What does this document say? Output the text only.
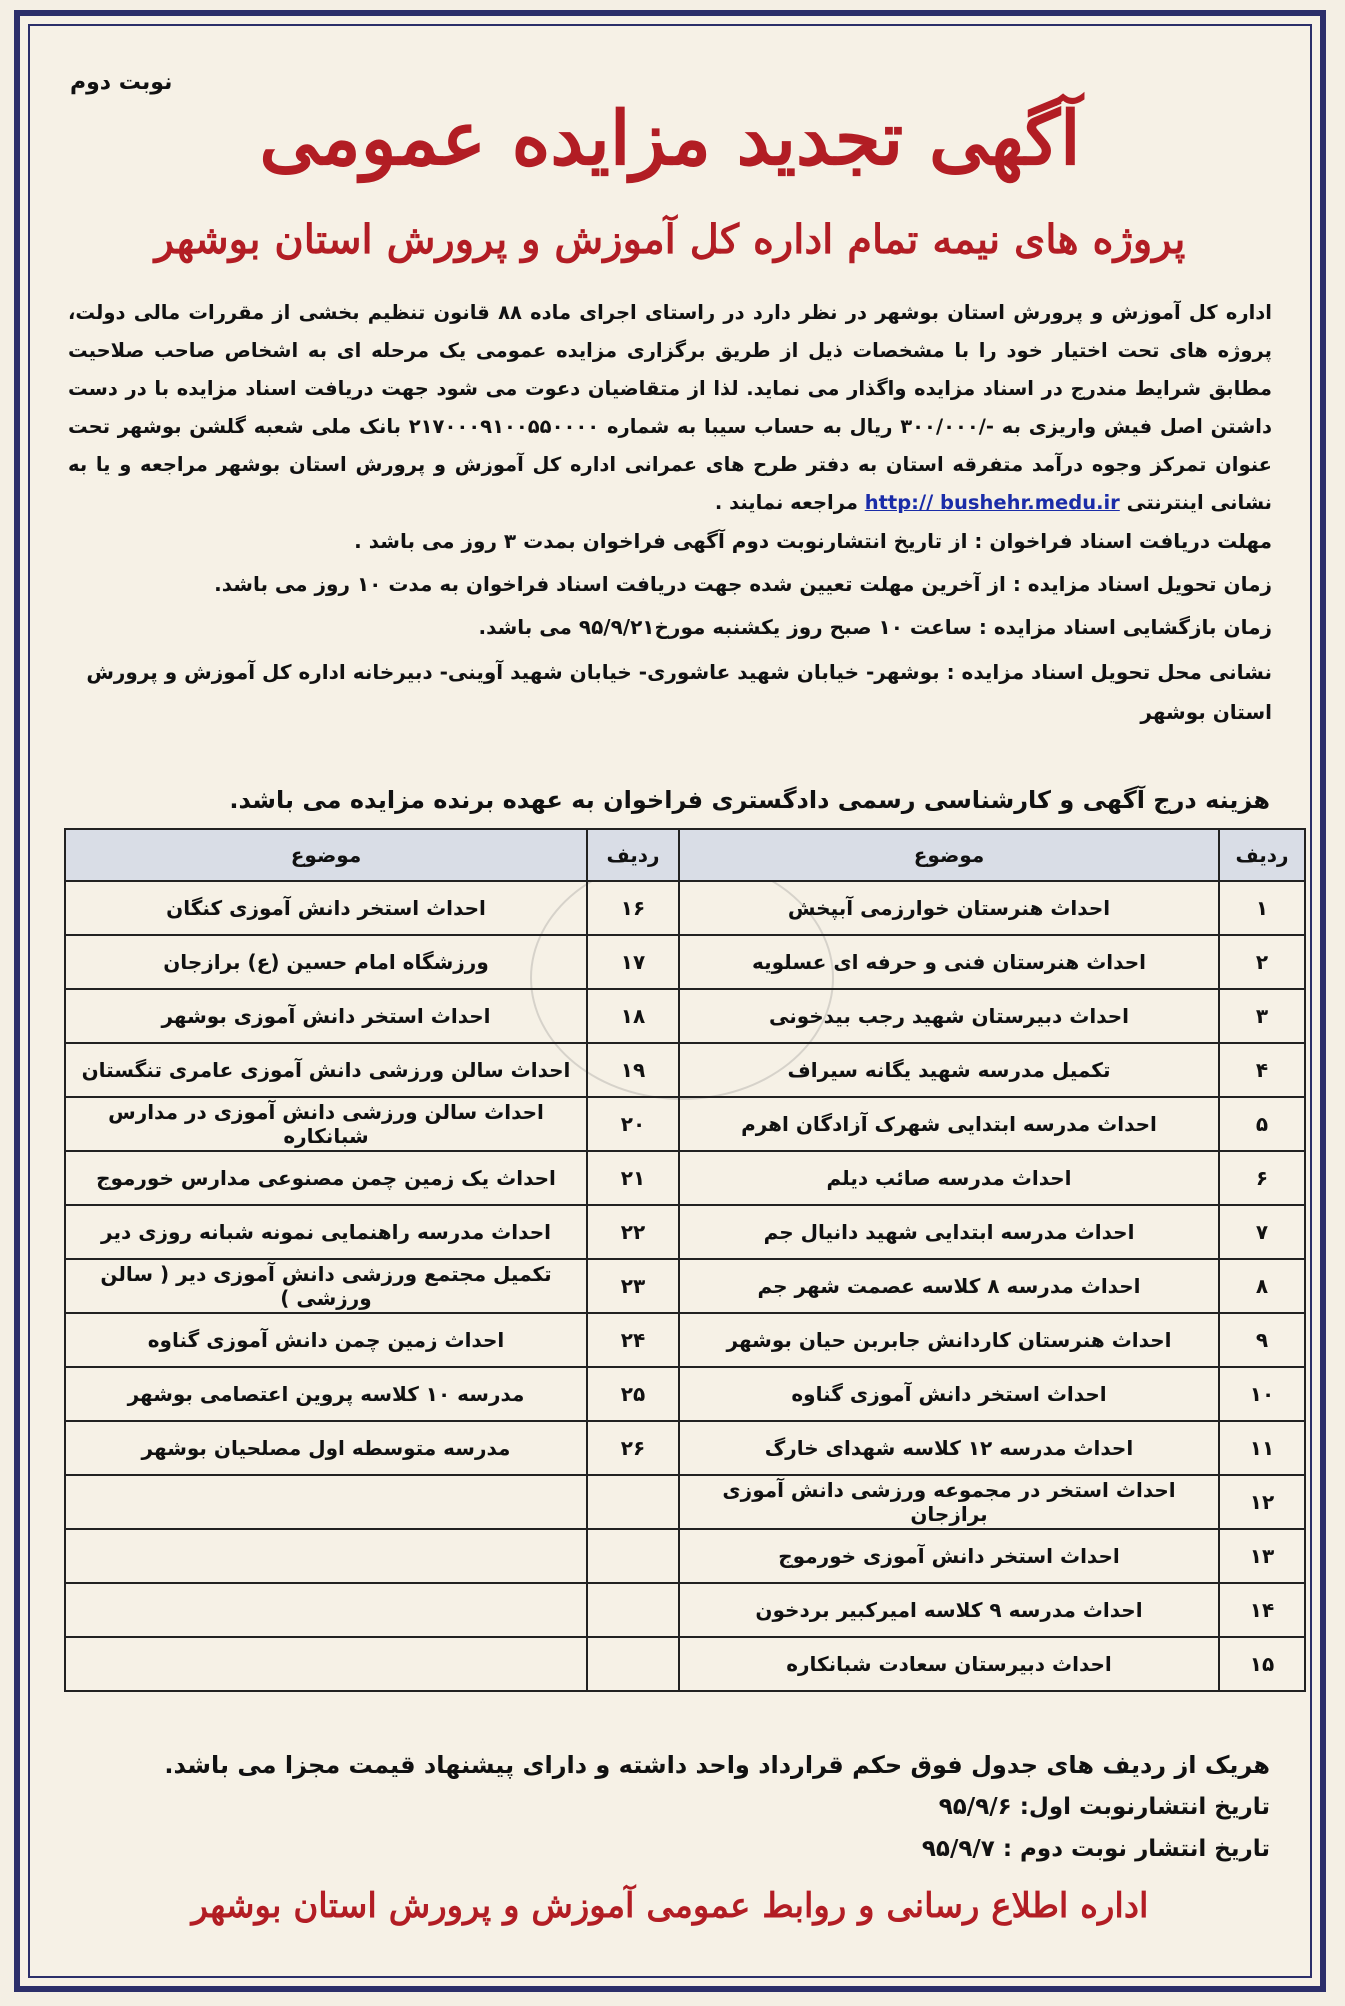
نوبت دوم
آگهی تجدید مزایده عمومی
پروژه های نیمه تمام اداره کل آموزش و پرورش استان بوشهر
اداره کل آموزش و پرورش استان بوشهر در نظر دارد در راستای اجرای ماده ۸۸ قانون تنظیم بخشی از مقررات مالی دولت، پروژه های تحت اختیار خود را با مشخصات ذیل از طریق برگزاری مزایده عمومی یک مرحله ای به اشخاص صاحب صلاحیت مطابق شرایط مندرج در اسناد مزایده واگذار می نماید. لذا از متقاضیان دعوت می شود جهت دریافت اسناد مزایده با در دست داشتن اصل فیش واریزی به -/۳۰۰/۰۰۰ ریال به حساب سیبا به شماره ۲۱۷۰۰۰۹۱۰۰۵۵۰۰۰۰ بانک ملی شعبه گلشن بوشهر تحت عنوان تمرکز وجوه درآمد متفرقه استان به دفتر طرح های عمرانی اداره کل آموزش و پرورش استان بوشهر مراجعه و یا به نشانی اینترنتی http:// bushehr.medu.ir مراجعه نمایند .
مهلت دریافت اسناد فراخوان : از تاریخ انتشارنوبت دوم آگهی فراخوان بمدت ۳ روز می باشد .
زمان تحویل اسناد مزایده : از آخرین مهلت تعیین شده جهت دریافت اسناد فراخوان به مدت ۱۰ روز می باشد.
زمان بازگشایی اسناد مزایده : ساعت ۱۰ صبح روز یکشنبه مورخ۹۵/۹/۲۱ می باشد.
نشانی محل تحویل اسناد مزایده : بوشهر- خیابان شهید عاشوری- خیابان شهید آوینی- دبیرخانه اداره کل آموزش و پرورش استان بوشهر
هزینه درج آگهی و کارشناسی رسمی دادگستری فراخوان به عهده برنده مزایده می باشد.
ردیف	موضوع	ردیف	موضوع
۱	احداث هنرستان خوارزمی آبپخش	۱۶	احداث استخر دانش آموزی کنگان
۲	احداث هنرستان فنی و حرفه ای عسلویه	۱۷	ورزشگاه امام حسین (ع) برازجان
۳	احداث دبیرستان شهید رجب بیدخونی	۱۸	احداث استخر دانش آموزی بوشهر
۴	تکمیل مدرسه شهید یگانه سیراف	۱۹	احداث سالن ورزشی دانش آموزی عامری تنگستان
۵	احداث مدرسه ابتدایی شهرک آزادگان اهرم	۲۰	احداث سالن ورزشی دانش آموزی در مدارس شبانکاره
۶	احداث مدرسه صائب دیلم	۲۱	احداث یک زمین چمن مصنوعی مدارس خورموج
۷	احداث مدرسه ابتدایی شهید دانیال جم	۲۲	احداث مدرسه راهنمایی نمونه شبانه روزی دیر
۸	احداث مدرسه ۸ کلاسه عصمت شهر جم	۲۳	تکمیل مجتمع ورزشی دانش آموزی دیر ( سالن ورزشی )
۹	احداث هنرستان کاردانش جابربن حیان بوشهر	۲۴	احداث زمین چمن دانش آموزی گناوه
۱۰	احداث استخر دانش آموزی گناوه	۲۵	مدرسه ۱۰ کلاسه پروین اعتصامی بوشهر
۱۱	احداث مدرسه ۱۲ کلاسه شهدای خارگ	۲۶	مدرسه متوسطه اول مصلحیان بوشهر
۱۲	احداث استخر در مجموعه ورزشی دانش آموزی برازجان		
۱۳	احداث استخر دانش آموزی خورموج		
۱۴	احداث مدرسه ۹ کلاسه امیرکبیر بردخون		
۱۵	احداث دبیرستان سعادت شبانکاره		
هریک از ردیف های جدول فوق حکم قرارداد واحد داشته و دارای پیشنهاد قیمت مجزا می باشد.
تاریخ انتشارنوبت اول: ۹۵/۹/۶
تاریخ انتشار نوبت دوم : ۹۵/۹/۷
اداره اطلاع رسانی و روابط عمومی آموزش و پرورش استان بوشهر
